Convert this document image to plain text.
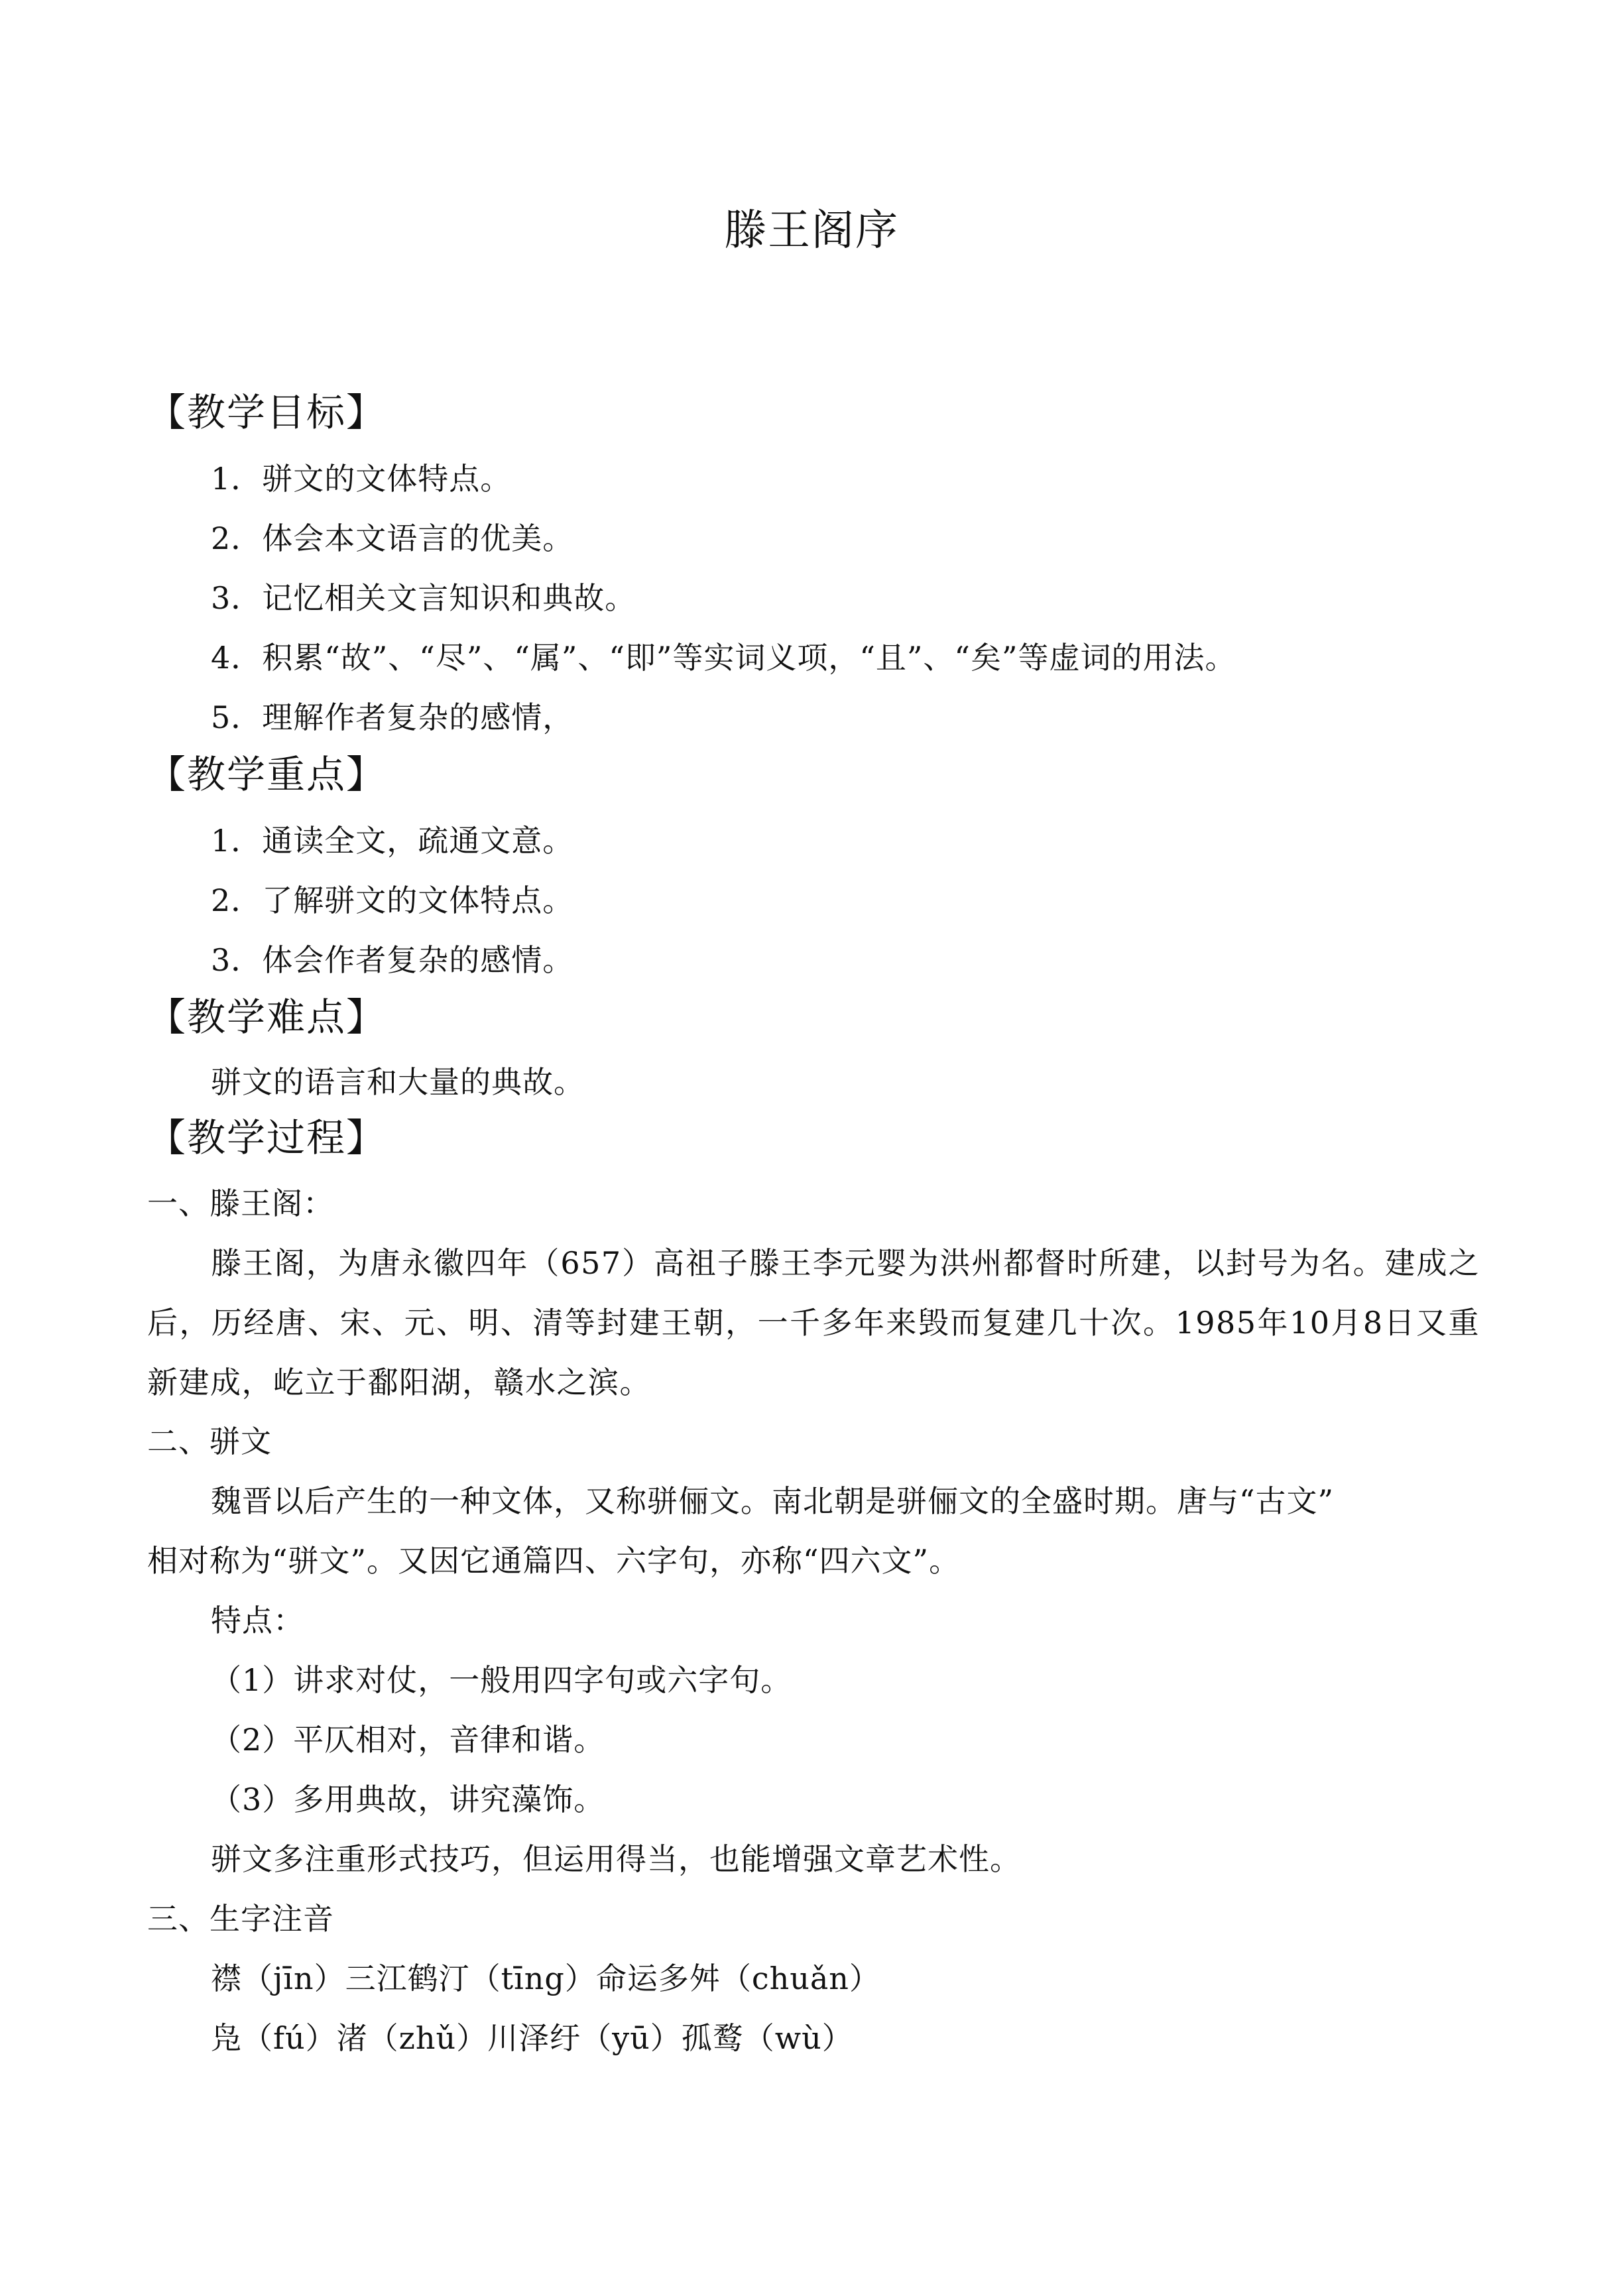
滕王阁序
【教学目标】
1．骈文的文体特点。
2．体会本文语言的优美。
3．记忆相关文言知识和典故。
4．积累“故”、“尽”、“属”、“即”等实词义项，“且”、“矣”等虚词的用法。
5．理解作者复杂的感情，
【教学重点】
1．通读全文，疏通文意。
2．了解骈文的文体特点。
3．体会作者复杂的感情。
【教学难点】
骈文的语言和大量的典故。
【教学过程】
一、滕王阁：
滕王阁，为唐永徽四年（657）高祖子滕王李元婴为洪州都督时所建，以封号为名。建成之后，历经唐、宋、元、明、清等封建王朝，一千多年来毁而复建几十次。1985年10月8日又重新建成，屹立于鄱阳湖，赣水之滨。
二、骈文
魏晋以后产生的一种文体，又称骈俪文。南北朝是骈俪文的全盛时期。唐与“古文”
相对称为“骈文”。又因它通篇四、六字句，亦称“四六文”。
特点：
（1）讲求对仗，一般用四字句或六字句。
（2）平仄相对，音律和谐。
（3）多用典故，讲究藻饰。
骈文多注重形式技巧，但运用得当，也能增强文章艺术性。
三、生字注音
襟（jīn）三江鹤汀（tīng）命运多舛（chuǎn）
凫（fú）渚（zhǔ）川泽纡（yū）孤鹜（wù）
